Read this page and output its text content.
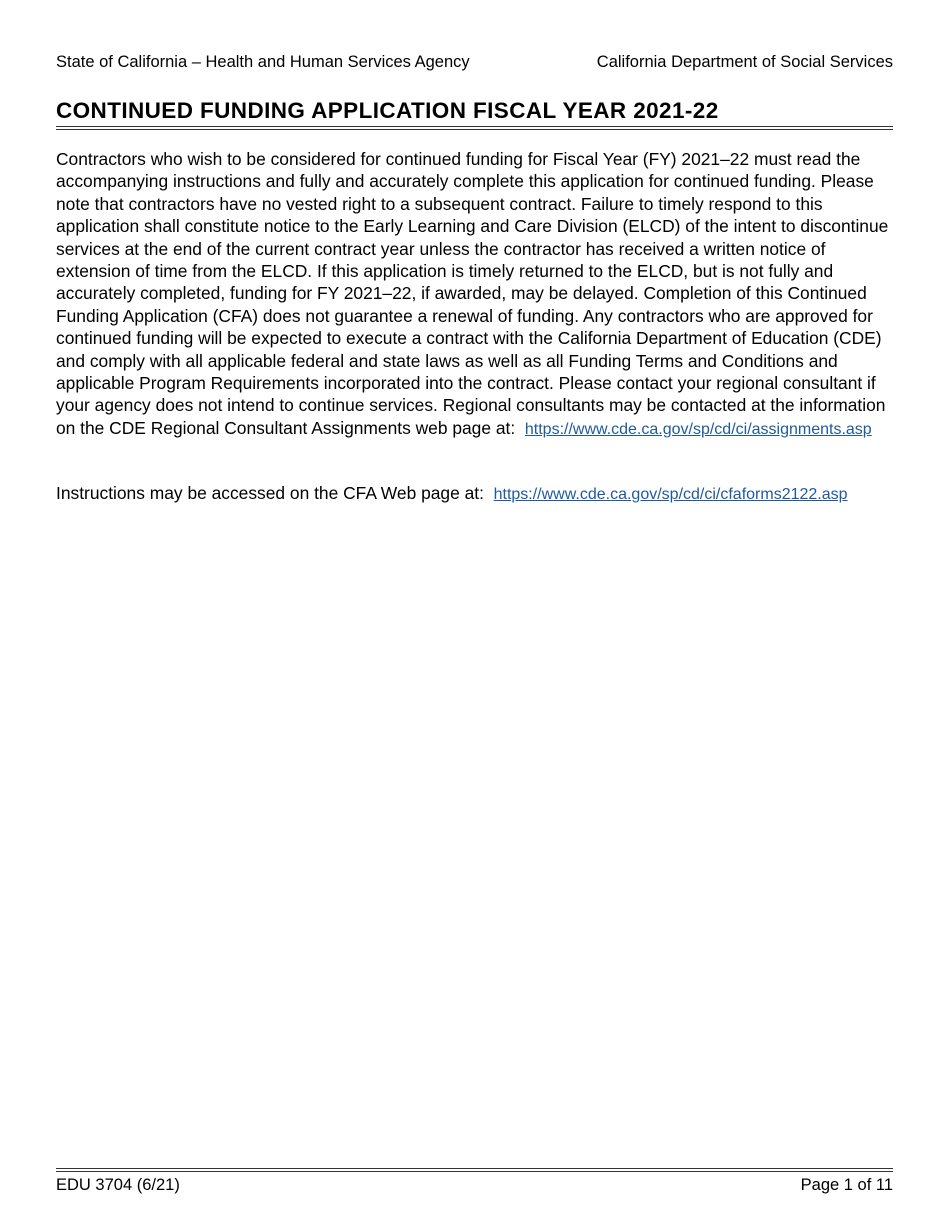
State of California – Health and Human Services Agency	California Department of Social Services
CONTINUED FUNDING APPLICATION FISCAL YEAR 2021-22

Contractors who wish to be considered for continued funding for Fiscal Year (FY) 2021–22 must read the accompanying instructions and fully and accurately complete this application for continued funding. Please note that contractors have no vested right to a subsequent contract. Failure to timely respond to this application shall constitute notice to the Early Learning and Care Division (ELCD) of the intent to discontinue services at the end of the current contract year unless the contractor has received a written notice of extension of time from the ELCD. If this application is timely returned to the ELCD, but is not fully and accurately completed, funding for FY 2021–22, if awarded, may be delayed. Completion of this Continued Funding Application (CFA) does not guarantee a renewal of funding. Any contractors who are approved for continued funding will be expected to execute a contract with the California Department of Education (CDE) and comply with all applicable federal and state laws as well as all Funding Terms and Conditions and applicable Program Requirements incorporated into the contract. Please contact your regional consultant if your agency does not intend to continue services. Regional consultants may be contacted at the information on the CDE Regional Consultant Assignments web page at: https://www.cde.ca.gov/sp/cd/ci/assignments.asp

Instructions may be accessed on the CFA Web page at: https://www.cde.ca.gov/sp/cd/ci/cfaforms2122.asp

EDU 3704 (6/21)	Page 1 of 11
